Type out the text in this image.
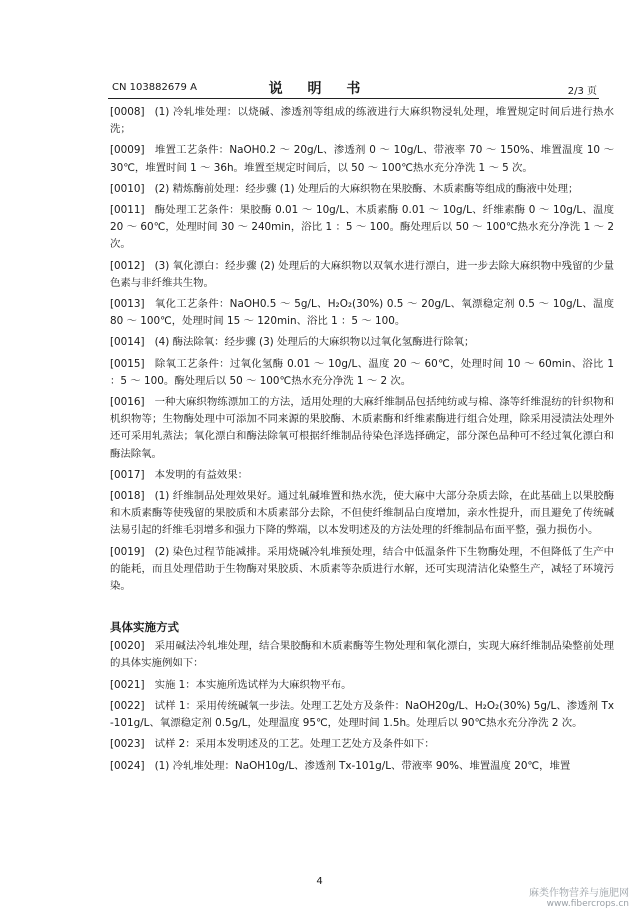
CN 103882679 A	说 明 书	2/3 页
[0008] (1) 冷轧堆处理：以烧碱、渗透剂等组成的练液进行大麻织物浸轧处理，堆置规定时间后进行热水洗；
[0009] 堆置工艺条件：NaOH0.2 ～ 20g/L、渗透剂 0 ～ 10g/L、带液率 70 ～ 150%、堆置温度 10 ～ 30℃，堆置时间 1 ～ 36h。堆置至规定时间后，以 50 ～ 100℃热水充分净洗 1 ～ 5 次。
[0010] (2) 精炼酶前处理：经步骤 (1) 处理后的大麻织物在果胶酶、木质素酶等组成的酶液中处理；
[0011] 酶处理工艺条件：果胶酶 0.01 ～ 10g/L、木质素酶 0.01 ～ 10g/L、纤维素酶 0 ～ 10g/L、温度 20 ～ 60℃，处理时间 30 ～ 240min，浴比 1 ：5 ～ 100。酶处理后以 50 ～ 100℃热水充分净洗 1 ～ 2 次。
[0012] (3) 氧化漂白：经步骤 (2) 处理后的大麻织物以双氧水进行漂白，进一步去除大麻织物中残留的少量色素与非纤维共生物。
[0013] 氧化工艺条件：NaOH0.5 ～ 5g/L、H₂O₂(30%) 0.5 ～ 20g/L、氧漂稳定剂 0.5 ～ 10g/L、温度 80 ～ 100℃，处理时间 15 ～ 120min、浴比 1 ：5 ～ 100。
[0014] (4) 酶法除氧：经步骤 (3) 处理后的大麻织物以过氧化氢酶进行除氧；
[0015] 除氧工艺条件：过氧化氢酶 0.01 ～ 10g/L、温度 20 ～ 60℃，处理时间 10 ～ 60min、浴比 1 ：5 ～ 100。酶处理后以 50 ～ 100℃热水充分净洗 1 ～ 2 次。
[0016] 一种大麻织物练漂加工的方法，适用处理的大麻纤维制品包括纯纺或与棉、涤等纤维混纺的针织物和机织物等；生物酶处理中可添加不同来源的果胶酶、木质素酶和纤维素酶进行组合处理，除采用浸渍法处理外还可采用轧蒸法；氧化漂白和酶法除氧可根据纤维制品待染色泽选择确定，部分深色品种可不经过氧化漂白和酶法除氧。
[0017] 本发明的有益效果：
[0018] (1) 纤维制品处理效果好。通过轧碱堆置和热水洗，使大麻中大部分杂质去除，在此基础上以果胶酶和木质素酶等使残留的果胶质和木质素部分去除，不但使纤维制品白度增加，亲水性提升，而且避免了传统碱法易引起的纤维毛羽增多和强力下降的弊端，以本发明述及的方法处理的纤维制品布面平整，强力损伤小。
[0019] (2) 染色过程节能减排。采用烧碱冷轧堆预处理，结合中低温条件下生物酶处理，不但降低了生产中的能耗，而且处理借助于生物酶对果胶质、木质素等杂质进行水解，还可实现清洁化染整生产，减轻了环境污染。
具体实施方式
[0020] 采用碱法冷轧堆处理，结合果胶酶和木质素酶等生物处理和氧化漂白，实现大麻纤维制品染整前处理的具体实施例如下：
[0021] 实施 1：本实施所选试样为大麻织物平布。
[0022] 试样 1：采用传统碱氧一步法。处理工艺处方及条件：NaOH20g/L、H₂O₂(30%) 5g/L、渗透剂 Tx-101g/L、氧漂稳定剂 0.5g/L，处理温度 95℃，处理时间 1.5h。处理后以 90℃热水充分净洗 2 次。
[0023] 试样 2：采用本发明述及的工艺。处理工艺处方及条件如下：
[0024] (1) 冷轧堆处理：NaOH10g/L、渗透剂 Tx-101g/L、带液率 90%、堆置温度 20℃，堆置
4
麻类作物营养与施肥网
www.fibercrops.cn
